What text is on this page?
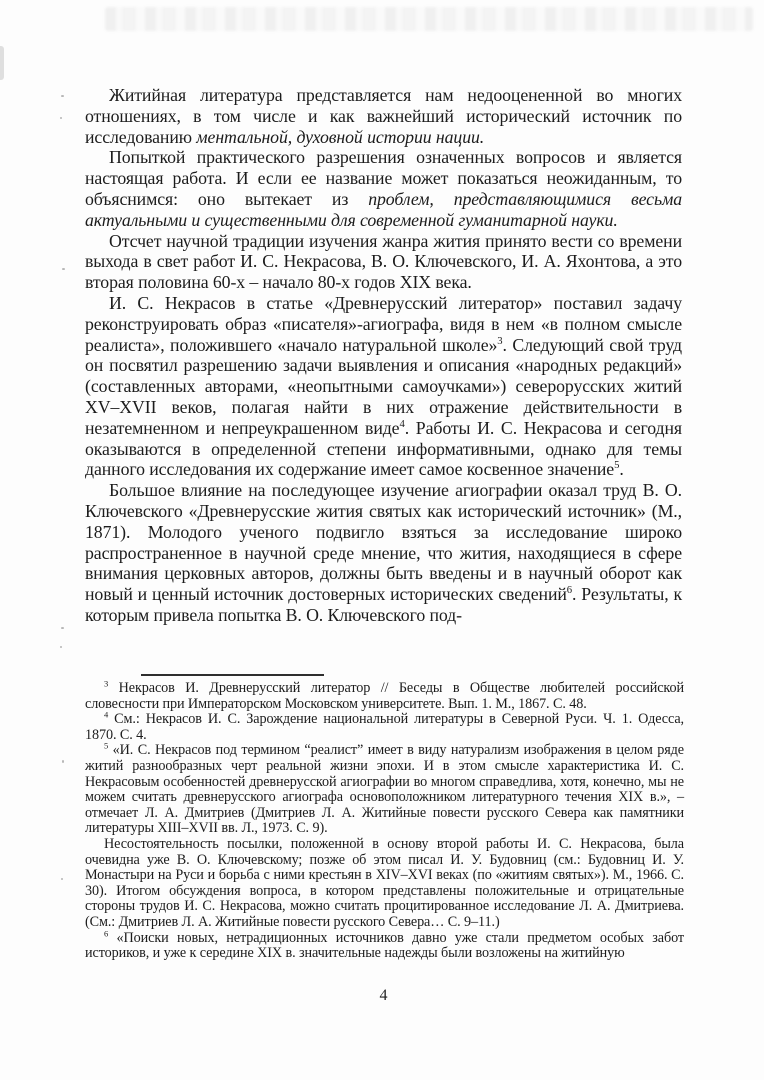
Житийная литература представляется нам недооцененной во многих отношениях, в том числе и как важнейший исторический источник по исследованию ментальной, духовной истории нации.

Попыткой практического разрешения означенных вопросов и является настоящая работа. И если ее название может показаться неожиданным, то объяснимся: оно вытекает из проблем, представляющимися весьма актуальными и существенными для современной гуманитарной науки.

Отсчет научной традиции изучения жанра жития принято вести со времени выхода в свет работ И. С. Некрасова, В. О. Ключевского, И. А. Яхонтова, а это вторая половина 60-х – начало 80-х годов XIX века.

И. С. Некрасов в статье «Древнерусский литератор» поставил задачу реконструировать образ «писателя»-агиографа, видя в нем «в полном смысле реалиста», положившего «начало натуральной школе»$^3$. Следующий свой труд он посвятил разрешению задачи выявления и описания «народных редакций» (составленных авторами, «неопытными самоучками») северорусских житий XV–XVII веков, полагая найти в них отражение действительности в незатемненном и непреукрашенном виде$^4$. Работы И. С. Некрасова и сегодня оказываются в определенной степени информативными, однако для темы данного исследования их содержание имеет самое косвенное значение$^5$.

Большое влияние на последующее изучение агиографии оказал труд В. О. Ключевского «Древнерусские жития святых как исторический источник» (М., 1871). Молодого ученого подвигло взяться за исследование широко распространенное в научной среде мнение, что жития, находящиеся в сфере внимания церковных авторов, должны быть введены и в научный оборот как новый и ценный источник достоверных исторических сведений$^6$. Результаты, к которым привела попытка В. О. Ключевского под-

$^3$ Некрасов И. Древнерусский литератор // Беседы в Обществе любителей российской словесности при Императорском Московском университете. Вып. 1. М., 1867. С. 48.

$^4$ См.: Некрасов И. С. Зарождение национальной литературы в Северной Руси. Ч. 1. Одесса, 1870. С. 4.

$^5$ «И. С. Некрасов под термином “реалист” имеет в виду натурализм изображения в целом ряде житий разнообразных черт реальной жизни эпохи. И в этом смысле характеристика И. С. Некрасовым особенностей древнерусской агиографии во многом справедлива, хотя, конечно, мы не можем считать древнерусского агиографа основоположником литературного течения XIX в.», – отмечает Л. А. Дмитриев (Дмитриев Л. А. Житийные повести русского Севера как памятники литературы XIII–XVII вв. Л., 1973. С. 9).

Несостоятельность посылки, положенной в основу второй работы И. С. Некрасова, была очевидна уже В. О. Ключевскому; позже об этом писал И. У. Будовниц (см.: Будовниц И. У. Монастыри на Руси и борьба с ними крестьян в XIV–XVI веках (по «житиям святых»). М., 1966. С. 30). Итогом обсуждения вопроса, в котором представлены положительные и отрицательные стороны трудов И. С. Некрасова, можно считать процитированное исследование Л. А. Дмитриева. (См.: Дмитриев Л. А. Житийные повести русского Севера… С. 9–11.)

$^6$ «Поиски новых, нетрадиционных источников давно уже стали предметом особых забот историков, и уже к середине XIX в. значительные надежды были возложены на житийную

4
